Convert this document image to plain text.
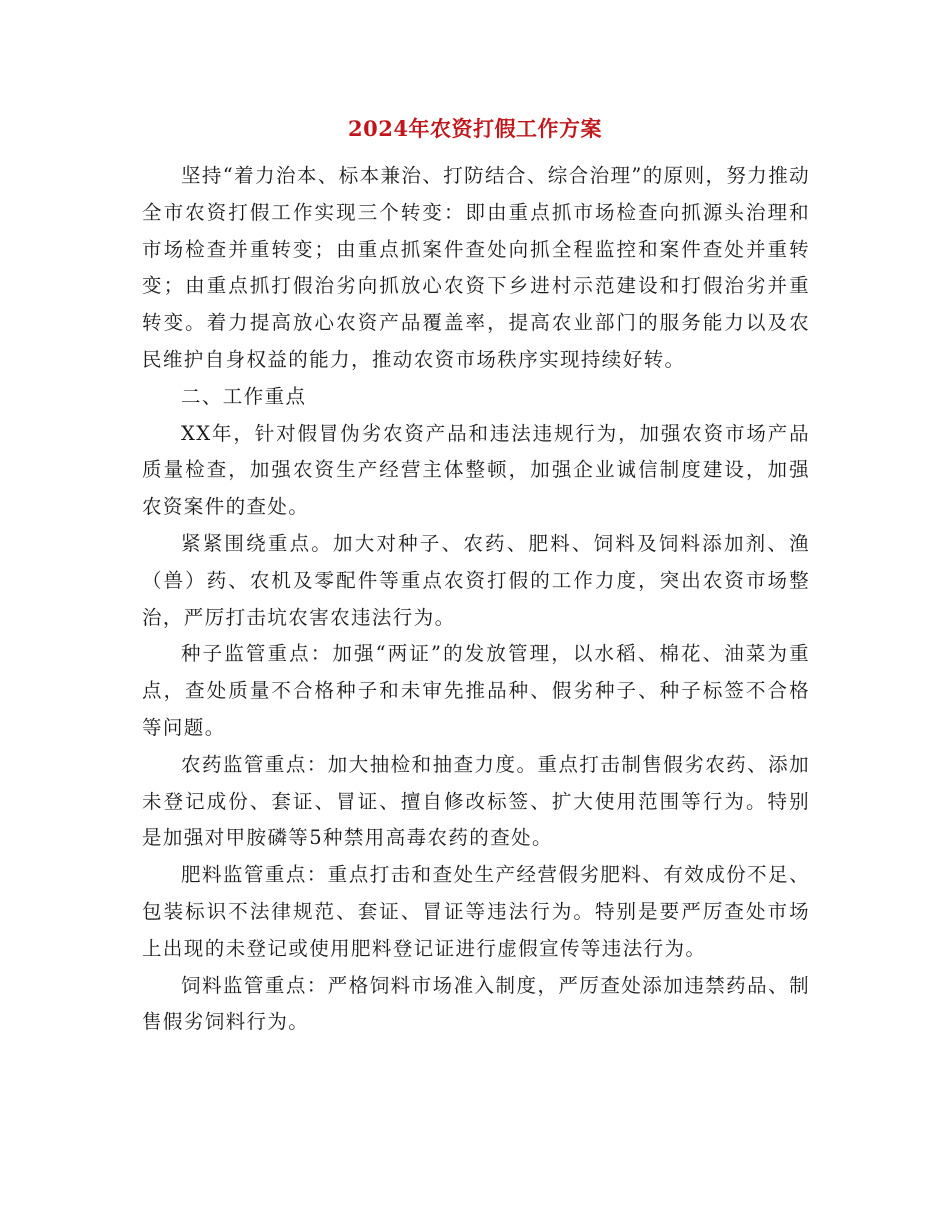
2024年农资打假工作方案

坚持“着力治本、标本兼治、打防结合、综合治理”的原则，努力推动全市农资打假工作实现三个转变：即由重点抓市场检查向抓源头治理和市场检查并重转变；由重点抓案件查处向抓全程监控和案件查处并重转变；由重点抓打假治劣向抓放心农资下乡进村示范建设和打假治劣并重转变。着力提高放心农资产品覆盖率，提高农业部门的服务能力以及农民维护自身权益的能力，推动农资市场秩序实现持续好转。

二、工作重点

XX年，针对假冒伪劣农资产品和违法违规行为，加强农资市场产品质量检查，加强农资生产经营主体整顿，加强企业诚信制度建设，加强农资案件的查处。

紧紧围绕重点。加大对种子、农药、肥料、饲料及饲料添加剂、渔（兽）药、农机及零配件等重点农资打假的工作力度，突出农资市场整治，严厉打击坑农害农违法行为。

种子监管重点：加强“两证”的发放管理，以水稻、棉花、油菜为重点，查处质量不合格种子和未审先推品种、假劣种子、种子标签不合格等问题。

农药监管重点：加大抽检和抽查力度。重点打击制售假劣农药、添加未登记成份、套证、冒证、擅自修改标签、扩大使用范围等行为。特别是加强对甲胺磷等5种禁用高毒农药的查处。

肥料监管重点：重点打击和查处生产经营假劣肥料、有效成份不足、包装标识不法律规范、套证、冒证等违法行为。特别是要严厉查处市场上出现的未登记或使用肥料登记证进行虚假宣传等违法行为。

饲料监管重点：严格饲料市场准入制度，严厉查处添加违禁药品、制售假劣饲料行为。
